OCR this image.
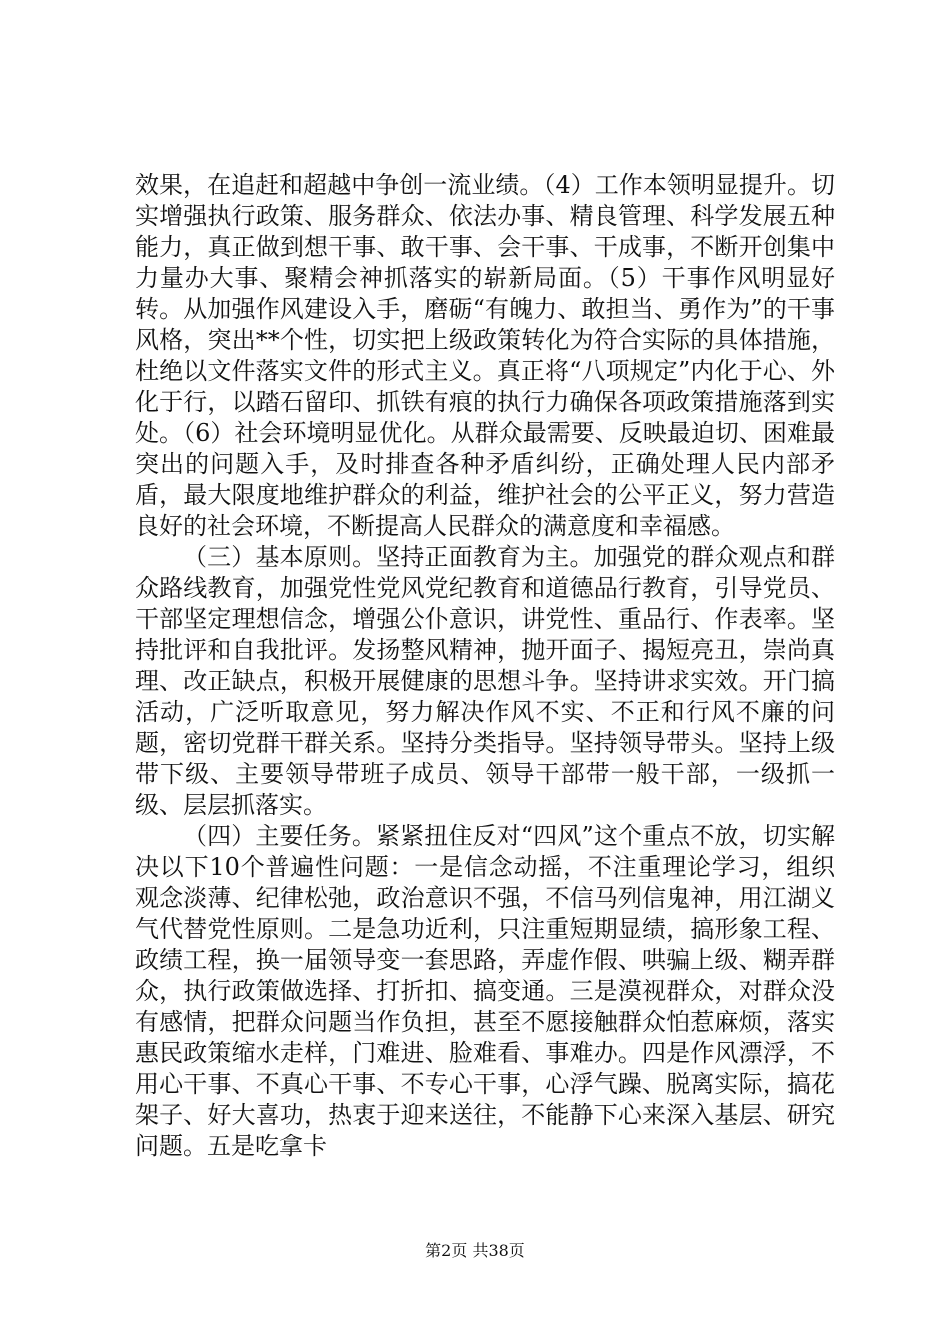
效果，在追赶和超越中争创一流业绩。（4）工作本领明显提升。切实增强执行政策、服务群众、依法办事、精良管理、科学发展五种能力，真正做到想干事、敢干事、会干事、干成事，不断开创集中力量办大事、聚精会神抓落实的崭新局面。（5）干事作风明显好转。从加强作风建设入手，磨砺“有魄力、敢担当、勇作为”的干事风格，突出**个性，切实把上级政策转化为符合实际的具体措施，杜绝以文件落实文件的形式主义。真正将“八项规定”内化于心、外化于行，以踏石留印、抓铁有痕的执行力确保各项政策措施落到实处。（6）社会环境明显优化。从群众最需要、反映最迫切、困难最突出的问题入手，及时排查各种矛盾纠纷，正确处理人民内部矛盾，最大限度地维护群众的利益，维护社会的公平正义，努力营造良好的社会环境，不断提高人民群众的满意度和幸福感。

（三）基本原则。坚持正面教育为主。加强党的群众观点和群众路线教育，加强党性党风党纪教育和道德品行教育，引导党员、干部坚定理想信念，增强公仆意识，讲党性、重品行、作表率。坚持批评和自我批评。发扬整风精神，抛开面子、揭短亮丑，崇尚真理、改正缺点，积极开展健康的思想斗争。坚持讲求实效。开门搞活动，广泛听取意见，努力解决作风不实、不正和行风不廉的问题，密切党群干群关系。坚持分类指导。坚持领导带头。坚持上级带下级、主要领导带班子成员、领导干部带一般干部，一级抓一级、层层抓落实。

（四）主要任务。紧紧扭住反对“四风”这个重点不放，切实解决以下10个普遍性问题：一是信念动摇，不注重理论学习，组织观念淡薄、纪律松弛，政治意识不强，不信马列信鬼神，用江湖义气代替党性原则。二是急功近利，只注重短期显绩，搞形象工程、政绩工程，换一届领导变一套思路，弄虚作假、哄骗上级、糊弄群众，执行政策做选择、打折扣、搞变通。三是漠视群众，对群众没有感情，把群众问题当作负担，甚至不愿接触群众怕惹麻烦，落实惠民政策缩水走样，门难进、脸难看、事难办。四是作风漂浮，不用心干事、不真心干事、不专心干事，心浮气躁、脱离实际，搞花架子、好大喜功，热衷于迎来送往，不能静下心来深入基层、研究问题。五是吃拿卡

第2页 共38页
